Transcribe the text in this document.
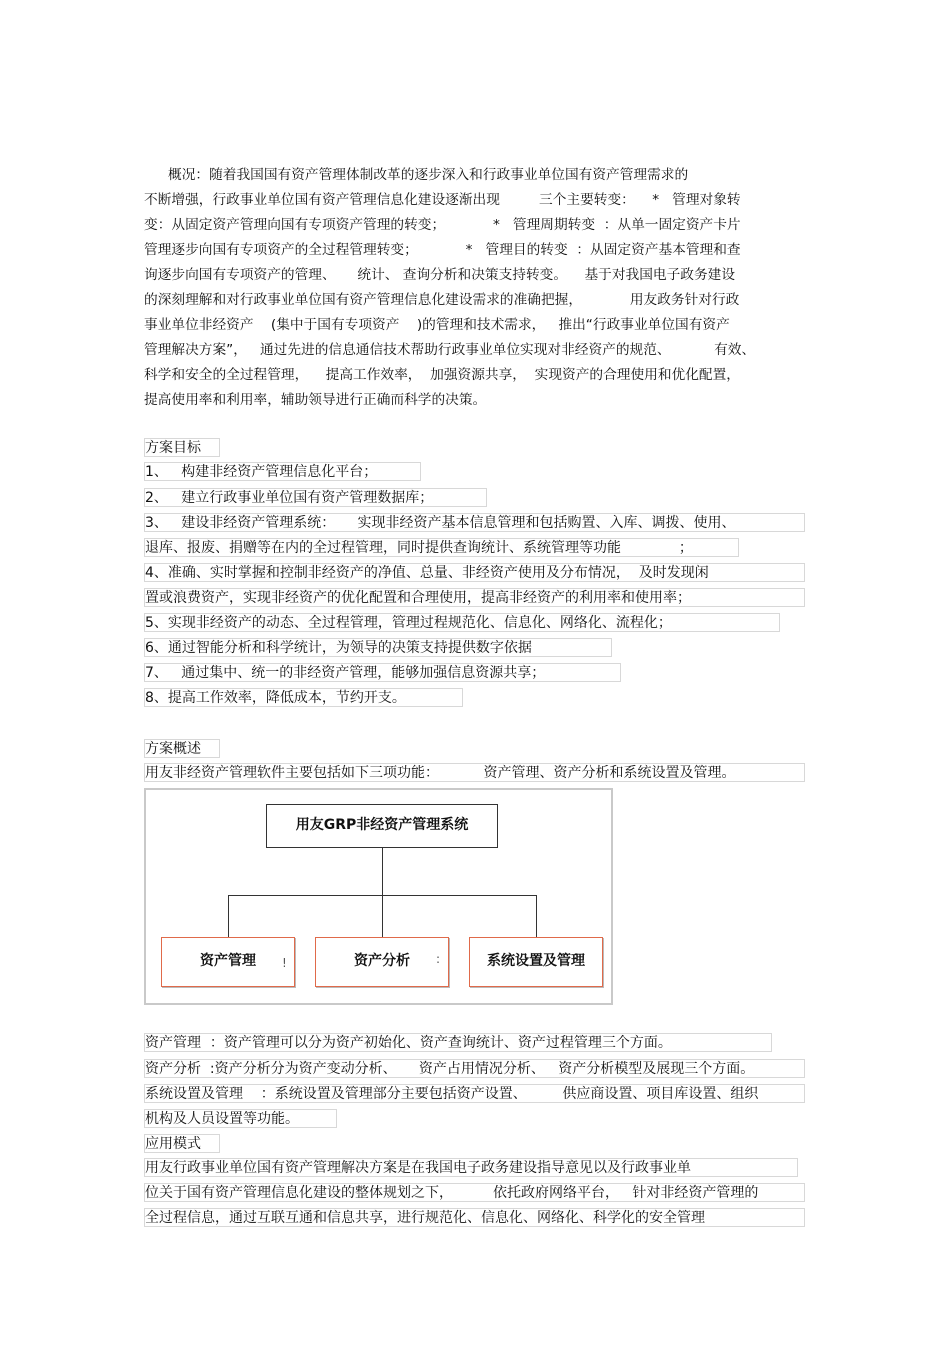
概况：随着我国国有资产管理体制改革的逐步深入和行政事业单位国有资产管理需求的
不断增强，行政事业单位国有资产管理信息化建设逐渐出现         三个主要转变：    *   管理对象转
变：从固定资产管理向国有专项资产管理的转变；           *   管理周期转变  ：从单一固定资产卡片
管理逐步向国有专项资产的全过程管理转变；           *   管理目的转变  ：从固定资产基本管理和查
询逐步向国有专项资产的管理、     统计、 查询分析和决策支持转变。    基于对我国电子政务建设
的深刻理解和对行政事业单位国有资产管理信息化建设需求的准确把握，           用友政务针对行政
事业单位非经资产    (集中于国有专项资产    )的管理和技术需求，   推出“行政事业单位国有资产
管理解决方案”，   通过先进的信息通信技术帮助行政事业单位实现对非经资产的规范、          有效、
科学和安全的全过程管理，    提高工作效率，  加强资源共享，  实现资产的合理使用和优化配置，
提高使用率和利用率，辅助领导进行正确而科学的决策。
方案目标
1、   构建非经资产管理信息化平台；
2、   建立行政事业单位国有资产管理数据库；
3、   建设非经资产管理系统：     实现非经资产基本信息管理和包括购置、入库、调拨、使用、
退库、报废、捐赠等在内的全过程管理，同时提供查询统计、系统管理等功能             ；
4、准确、实时掌握和控制非经资产的净值、总量、非经资产使用及分布情况，  及时发现闲
置或浪费资产，实现非经资产的优化配置和合理使用，提高非经资产的利用率和使用率；
5、实现非经资产的动态、全过程管理，管理过程规范化、信息化、网络化、流程化；
6、通过智能分析和科学统计，为领导的决策支持提供数字依据
7、   通过集中、统一的非经资产管理，能够加强信息资源共享；
8、提高工作效率，降低成本，节约开支。
方案概述
用友非经资产管理软件主要包括如下三项功能：          资产管理、资产分析和系统设置及管理。
用友GRP非经资产管理系统
资产管理	资产分析	系统设置及管理
!	:
资产管理  ：资产管理可以分为资产初始化、资产查询统计、资产过程管理三个方面。
资产分析  :资产分析分为资产变动分析、     资产占用情况分析、   资产分析模型及展现三个方面。
系统设置及管理    ：系统设置及管理部分主要包括资产设置、        供应商设置、项目库设置、组织
机构及人员设置等功能。
应用模式
用友行政事业单位国有资产管理解决方案是在我国电子政务建设指导意见以及行政事业单
位关于国有资产管理信息化建设的整体规划之下，         依托政府网络平台，   针对非经资产管理的
全过程信息，通过互联互通和信息共享，进行规范化、信息化、网络化、科学化的安全管理
